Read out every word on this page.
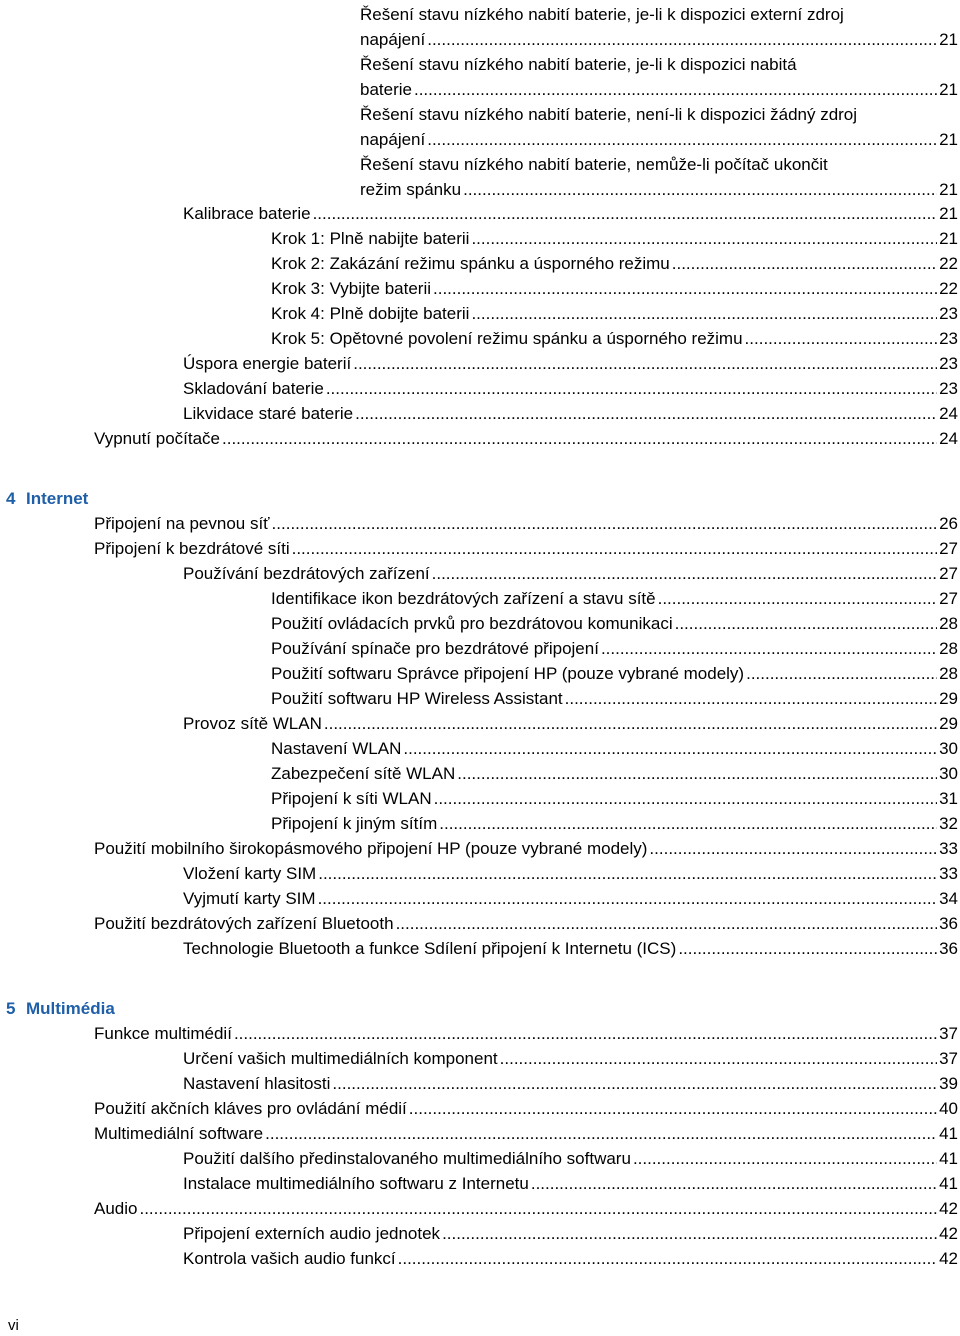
Řešení stavu nízkého nabití baterie, je-li k dispozici externí zdroj
napájení .....	21
Řešení stavu nízkého nabití baterie, je-li k dispozici nabitá
baterie .....	21
Řešení stavu nízkého nabití baterie, není-li k dispozici žádný zdroj
napájení .....	21
Řešení stavu nízkého nabití baterie, nemůže-li počítač ukončit
režim spánku .....	21
Kalibrace baterie .....	21
Krok 1: Plně nabijte baterii .....	21
Krok 2: Zakázání režimu spánku a úsporného režimu .....	22
Krok 3: Vybijte baterii .....	22
Krok 4: Plně dobijte baterii .....	23
Krok 5: Opětovné povolení režimu spánku a úsporného režimu .....	23
Úspora energie baterií .....	23
Skladování baterie .....	23
Likvidace staré baterie .....	24
Vypnutí počítače .....	24
4 Internet
Připojení na pevnou síť .....	26
Připojení k bezdrátové síti .....	27
Používání bezdrátových zařízení .....	27
Identifikace ikon bezdrátových zařízení a stavu sítě .....	27
Použití ovládacích prvků pro bezdrátovou komunikaci .....	28
Používání spínače pro bezdrátové připojení .....	28
Použití softwaru Správce připojení HP (pouze vybrané modely) .....	28
Použití softwaru HP Wireless Assistant .....	29
Provoz sítě WLAN .....	29
Nastavení WLAN .....	30
Zabezpečení sítě WLAN .....	30
Připojení k síti WLAN .....	31
Připojení k jiným sítím .....	32
Použití mobilního širokopásmového připojení HP (pouze vybrané modely) .....	33
Vložení karty SIM .....	33
Vyjmutí karty SIM .....	34
Použití bezdrátových zařízení Bluetooth .....	36
Technologie Bluetooth a funkce Sdílení připojení k Internetu (ICS) .....	36
5 Multimédia
Funkce multimédií .....	37
Určení vašich multimediálních komponent .....	37
Nastavení hlasitosti .....	39
Použití akčních kláves pro ovládání médií .....	40
Multimediální software .....	41
Použití dalšího předinstalovaného multimediálního softwaru .....	41
Instalace multimediálního softwaru z Internetu .....	41
Audio .....	42
Připojení externích audio jednotek .....	42
Kontrola vašich audio funkcí .....	42
vi
